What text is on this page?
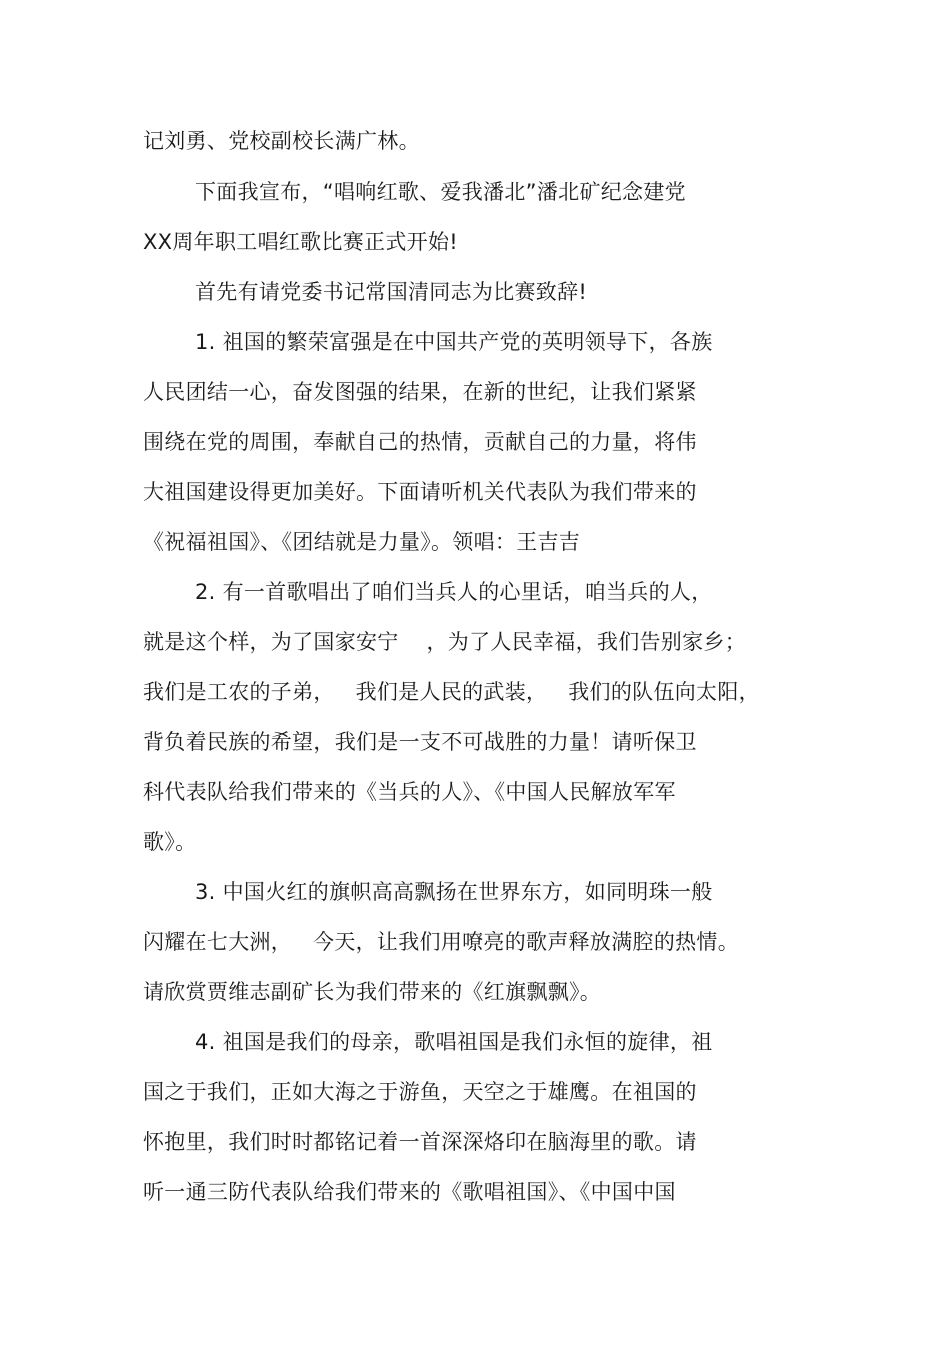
记刘勇、党校副校长满广林。
下面我宣布，“唱响红歌、爱我潘北”潘北矿纪念建党
XX周年职工唱红歌比赛正式开始!
首先有请党委书记常国清同志为比赛致辞!
1. 祖国的繁荣富强是在中国共产党的英明领导下，各族
人民团结一心，奋发图强的结果，在新的世纪，让我们紧紧
围绕在党的周围，奉献自己的热情，贡献自己的力量，将伟
大祖国建设得更加美好。下面请听机关代表队为我们带来的
《祝福祖国》、《团结就是力量》。领唱：王吉吉
2. 有一首歌唱出了咱们当兵人的心里话，咱当兵的人，
就是这个样，为了国家安宁    ，为了人民幸福，我们告别家乡；
我们是工农的子弟，   我们是人民的武装，   我们的队伍向太阳，
背负着民族的希望，我们是一支不可战胜的力量！请听保卫
科代表队给我们带来的《当兵的人》、《中国人民解放军军
歌》。
3. 中国火红的旗帜高高飘扬在世界东方，如同明珠一般
闪耀在七大洲，   今天，让我们用嘹亮的歌声释放满腔的热情。
请欣赏贾维志副矿长为我们带来的《红旗飘飘》。
4. 祖国是我们的母亲，歌唱祖国是我们永恒的旋律，祖
国之于我们，正如大海之于游鱼，天空之于雄鹰。在祖国的
怀抱里，我们时时都铭记着一首深深烙印在脑海里的歌。请
听一通三防代表队给我们带来的《歌唱祖国》、《中国中国
